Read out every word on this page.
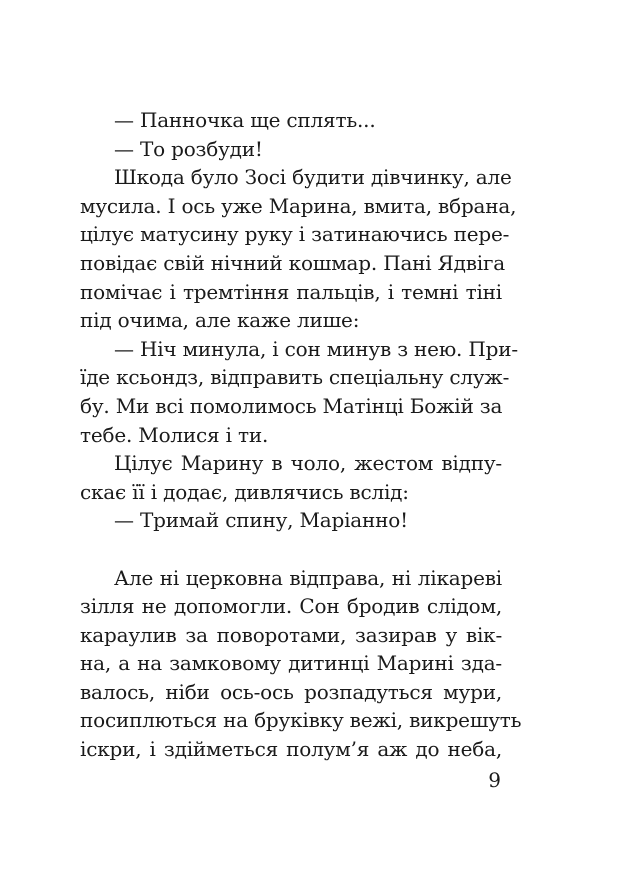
— Панночка ще сплять...
— То розбуди!
Шкода було Зосі будити дівчинку, але
мусила. І ось уже Марина, вмита, вбрана,
цілує матусину руку і затинаючись пере-
повідає свій нічний кошмар. Пані Ядвіга
помічає і тремтіння пальців, і темні тіні
під очима, але каже лише:
— Ніч минула, і сон минув з нею. При-
їде ксьондз, відправить спеціальну служ-
бу. Ми всі помолимось Матінці Божій за
тебе. Молися і ти.
Цілує Марину в чоло, жестом відпу-
скає її і додає, дивлячись вслід:
— Тримай спину, Маріанно!
Але ні церковна відправа, ні лікареві
зілля не допомогли. Сон бродив слідом,
караулив за поворотами, зазирав у вік-
на, а на замковому дитинці Марині зда-
валось, ніби ось-ось розпадуться мури,
посиплються на бруківку вежі, викрешуть
іскри, і здійметься полум’я аж до неба,
9
